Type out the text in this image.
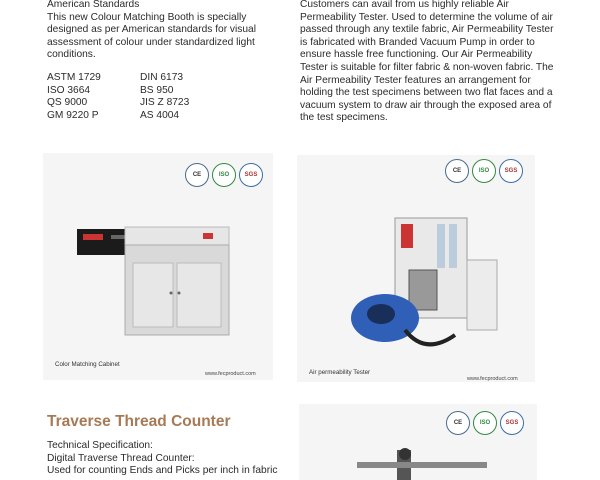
American Standards
This new Colour Matching Booth is specially designed as per American standards for visual assessment of colour under standardized light conditions.
ASTM 1729	DIN 6173
ISO 3664	BS 950
QS 9000	JIS Z 8723
GM 9220 P	AS 4004
Customers can avail from us highly reliable Air Permeability Tester. Used to determine the volume of air passed through any textile fabric, Air Permeability Tester is fabricated with Branded Vacuum Pump in order to ensure hassle free functioning. Our Air Permeability Tester is suitable for filter fabric & non-woven fabric. The Air Permeability Tester features an arrangement for holding the test specimens between two flat faces and a vacuum system to draw air through the exposed area of the test specimens.
CE	ISO	SGS
Color Matching Cabinet
www.fecproduct.com
CE	ISO	SGS
Air permeability Tester
www.fecproduct.com
Traverse Thread Counter
Technical Specification:
Digital Traverse Thread Counter:
Used for counting Ends and Picks per inch in fabric
CE	ISO	SGS
